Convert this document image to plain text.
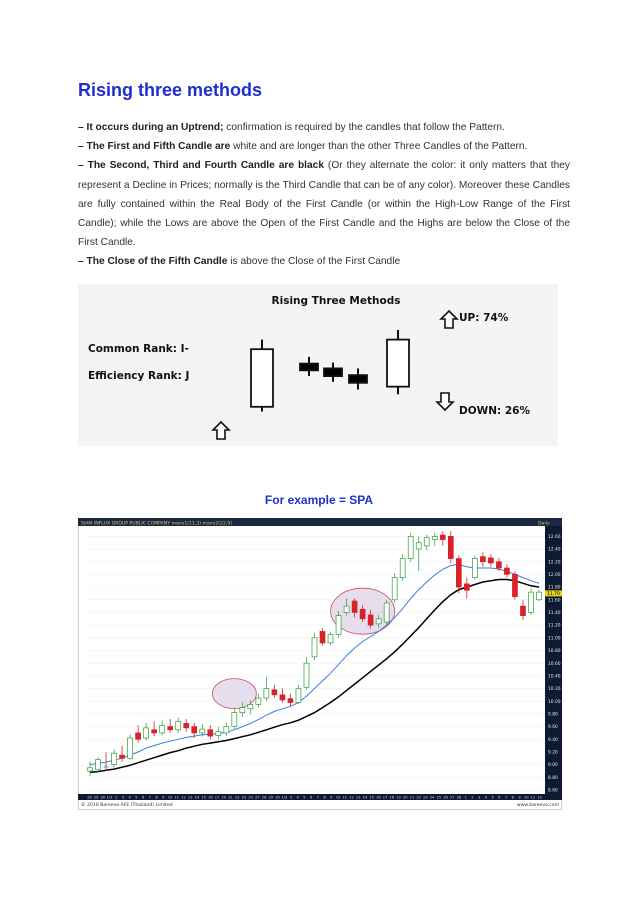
Rising three methods

– It occurs during an Uptrend; confirmation is required by the candles that follow the Pattern.

– The First and Fifth Candle are white and are longer than the other Three Candles of the Pattern.

– The Second, Third and Fourth Candle are black (Or they alternate the color: it only matters that they represent a Decline in Prices; normally is the Third Candle that can be of any color). Moreover these Candles are fully contained within the Real Body of the First Candle (or within the High-Low Range of the First Candle); while the Lows are above the Open of the First Candle and the Highs are below the Close of the First Candle.

– The Close of the Fifth Candle is above the Close of the First Candle

Rising Three Methods
Common Rank: I-
Efficiency Rank: J
UP: 74%
DOWN: 26%
For example = SPA
SIAM INFLUX GROUP PUBLIC COMPANY mavo1(11,3) mavo2(22,9)	Daily
© 2016 Bareevo AFE (Thailand) Limited	www.bareevo.com
12.60
12.40
12.20
12.00
11.80
11.60
11.40
11.20
11.00
10.80
10.60
10.40
10.20
10.00
9.80
9.60
9.40
9.20
9.00
8.80
8.60
28 29 30 1/2 2 3 4 5 6 7 8 9 10 11 12 13 14 15 16 17 20 21 22 23 24 27 28 29 30 1/3 3 4 5 6 7 8 9 10 11 12 13 14 15 16 17 18 19 20 21 22 23 24 25 26 27 28 1 2 3 4 5 6 7 8 9 10 11 12
11.70
